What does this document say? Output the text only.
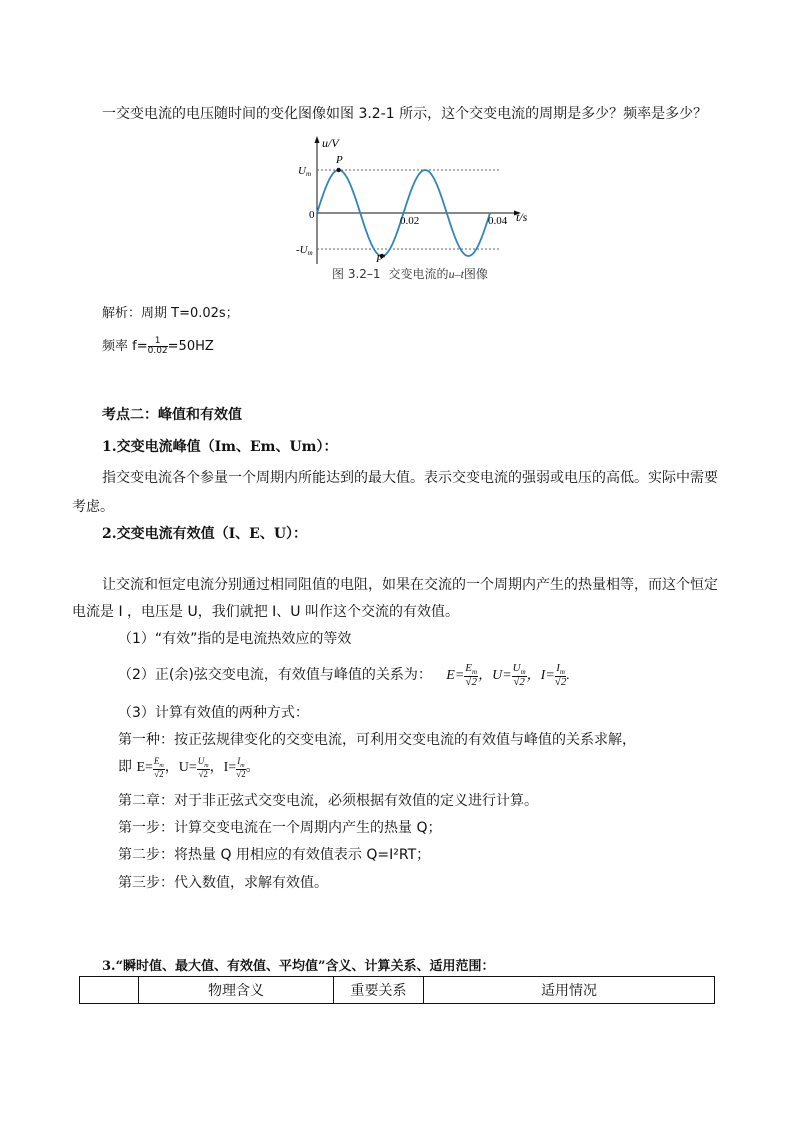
一交变电流的电压随时间的变化图像如图 3.2-1 所示，这个交变电流的周期是多少？频率是多少？
u/V
t/s
0
Um
-Um
0.02	0.04
P
P′
图 3.2–1 交变电流的u–t图像
解析：周期 T=0.02s；
频率 $f= \frac{1}{0.02} =50HZ$
考点二：峰值和有效值
1.交变电流峰值（Im、Em、Um）：
指交变电流各个参量一个周期内所能达到的最大值。表示交变电流的强弱或电压的高低。实际中需要
考虑。
2.交变电流有效值（I、E、U）：
让交流和恒定电流分别通过相同阻值的电阻，如果在交流的一个周期内产生的热量相等，而这个恒定
电流是 I ，电压是 U，我们就把 I、U 叫作这个交流的有效值。
（1）“有效”指的是电流热效应的等效
（2）正(余)弦交变电流，有效值与峰值的关系为： $E= \frac{E_m}{√2}$ ，$U= \frac{U_m}{√2}$ ，$I= \frac{I_m}{√2}$ .
（3）计算有效值的两种方式：
第一种：按正弦规律变化的交变电流，可利用交变电流的有效值与峰值的关系求解，
即 $E= \frac{E_m}{√2}$ ，$U= \frac{U_m}{√2}$ ，$I= \frac{I_m}{√2}$ 。
第二章：对于非正弦式交变电流，必须根据有效值的定义进行计算。
第一步：计算交变电流在一个周期内产生的热量 Q；
第二步：将热量 Q 用相应的有效值表示 Q=I²RT；
第三步：代入数值，求解有效值。
3.“瞬时值、最大值、有效值、平均值”含义、计算关系、适用范围：
	物理含义	重要关系	适用情况
